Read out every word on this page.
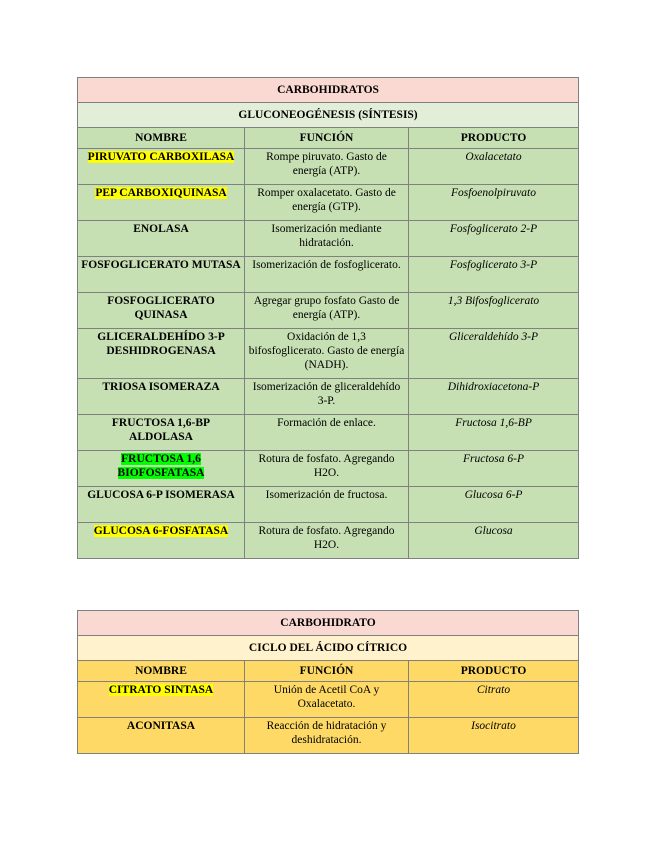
CARBOHIDRATOS		
GLUCONEOGÉNESIS (SÍNTESIS)		
NOMBRE	FUNCIÓN	PRODUCTO
PIRUVATO CARBOXILASA	Rompe piruvato. Gasto de energía (ATP).	Oxalacetato
PEP CARBOXIQUINASA	Romper oxalacetato. Gasto de energía (GTP).	Fosfoenolpiruvato
ENOLASA	Isomerización mediante hidratación.	Fosfoglicerato 2-P
FOSFOGLICERATO MUTASA	Isomerización de fosfoglicerato.	Fosfoglicerato 3-P
FOSFOGLICERATO QUINASA	Agregar grupo fosfato Gasto de energía (ATP).	1,3 Bifosfoglicerato
GLICERALDEHÍDO 3-P DESHIDROGENASA	Oxidación de 1,3 bifosfoglicerato. Gasto de energía (NADH).	Gliceraldehído 3-P
TRIOSA ISOMERAZA	Isomerización de gliceraldehído 3-P.	Dihidroxiacetona-P
FRUCTOSA 1,6-BP ALDOLASA	Formación de enlace.	Fructosa 1,6-BP
FRUCTOSA 1,6 BIOFOSFATASA	Rotura de fosfato. Agregando H2O.	Fructosa 6-P
GLUCOSA 6-P ISOMERASA	Isomerización de fructosa.	Glucosa 6-P
GLUCOSA 6-FOSFATASA	Rotura de fosfato. Agregando H2O.	Glucosa
CARBOHIDRATO		
CICLO DEL ÁCIDO CÍTRICO		
NOMBRE	FUNCIÓN	PRODUCTO
CITRATO SINTASA	Unión de Acetil CoA y Oxalacetato.	Citrato
ACONITASA	Reacción de hidratación y deshidratación.	Isocitrato
